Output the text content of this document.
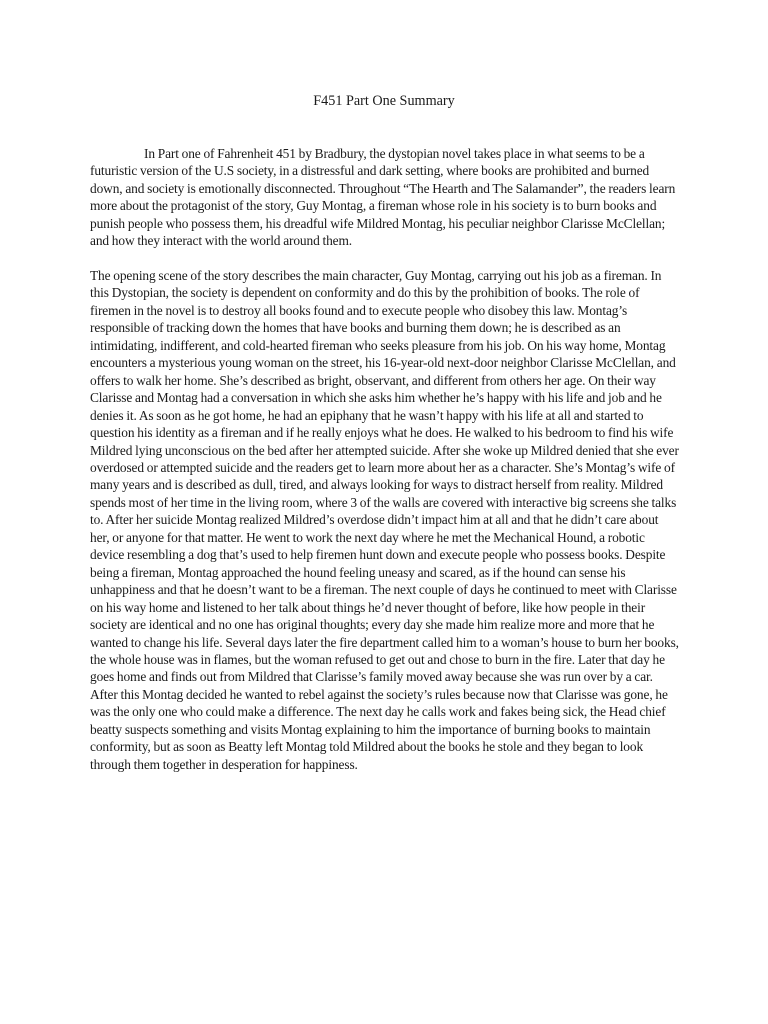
F451 Part One Summary

In Part one of Fahrenheit 451 by Bradbury, the dystopian novel takes place in what seems to be a futuristic version of the U.S society, in a distressful and dark setting, where books are prohibited and burned down, and society is emotionally disconnected. Throughout “The Hearth and The Salamander”, the readers learn more about the protagonist of the story, Guy Montag, a fireman whose role in his society is to burn books and punish people who possess them, his dreadful wife Mildred Montag, his peculiar neighbor Clarisse McClellan; and how they interact with the world around them.

The opening scene of the story describes the main character, Guy Montag, carrying out his job as a fireman. In this Dystopian, the society is dependent on conformity and do this by the prohibition of books. The role of firemen in the novel is to destroy all books found and to execute people who disobey this law. Montag’s responsible of tracking down the homes that have books and burning them down; he is described as an intimidating, indifferent, and cold-hearted fireman who seeks pleasure from his job. On his way home, Montag encounters a mysterious young woman on the street, his 16-year-old next-door neighbor Clarisse McClellan, and offers to walk her home. She’s described as bright, observant, and different from others her age. On their way Clarisse and Montag had a conversation in which she asks him whether he’s happy with his life and job and he denies it. As soon as he got home, he had an epiphany that he wasn’t happy with his life at all and started to question his identity as a fireman and if he really enjoys what he does. He walked to his bedroom to find his wife Mildred lying unconscious on the bed after her attempted suicide. After she woke up Mildred denied that she ever overdosed or attempted suicide and the readers get to learn more about her as a character. She’s Montag’s wife of many years and is described as dull, tired, and always looking for ways to distract herself from reality. Mildred spends most of her time in the living room, where 3 of the walls are covered with interactive big screens she talks to. After her suicide Montag realized Mildred’s overdose didn’t impact him at all and that he didn’t care about her, or anyone for that matter. He went to work the next day where he met the Mechanical Hound, a robotic device resembling a dog that’s used to help firemen hunt down and execute people who possess books. Despite being a fireman, Montag approached the hound feeling uneasy and scared, as if the hound can sense his unhappiness and that he doesn’t want to be a fireman. The next couple of days he continued to meet with Clarisse on his way home and listened to her talk about things he’d never thought of before, like how people in their society are identical and no one has original thoughts; every day she made him realize more and more that he wanted to change his life. Several days later the fire department called him to a woman’s house to burn her books, the whole house was in flames, but the woman refused to get out and chose to burn in the fire. Later that day he goes home and finds out from Mildred that Clarisse’s family moved away because she was run over by a car. After this Montag decided he wanted to rebel against the society’s rules because now that Clarisse was gone, he was the only one who could make a difference. The next day he calls work and fakes being sick, the Head chief beatty suspects something and visits Montag explaining to him the importance of burning books to maintain conformity, but as soon as Beatty left Montag told Mildred about the books he stole and they began to look through them together in desperation for happiness.
